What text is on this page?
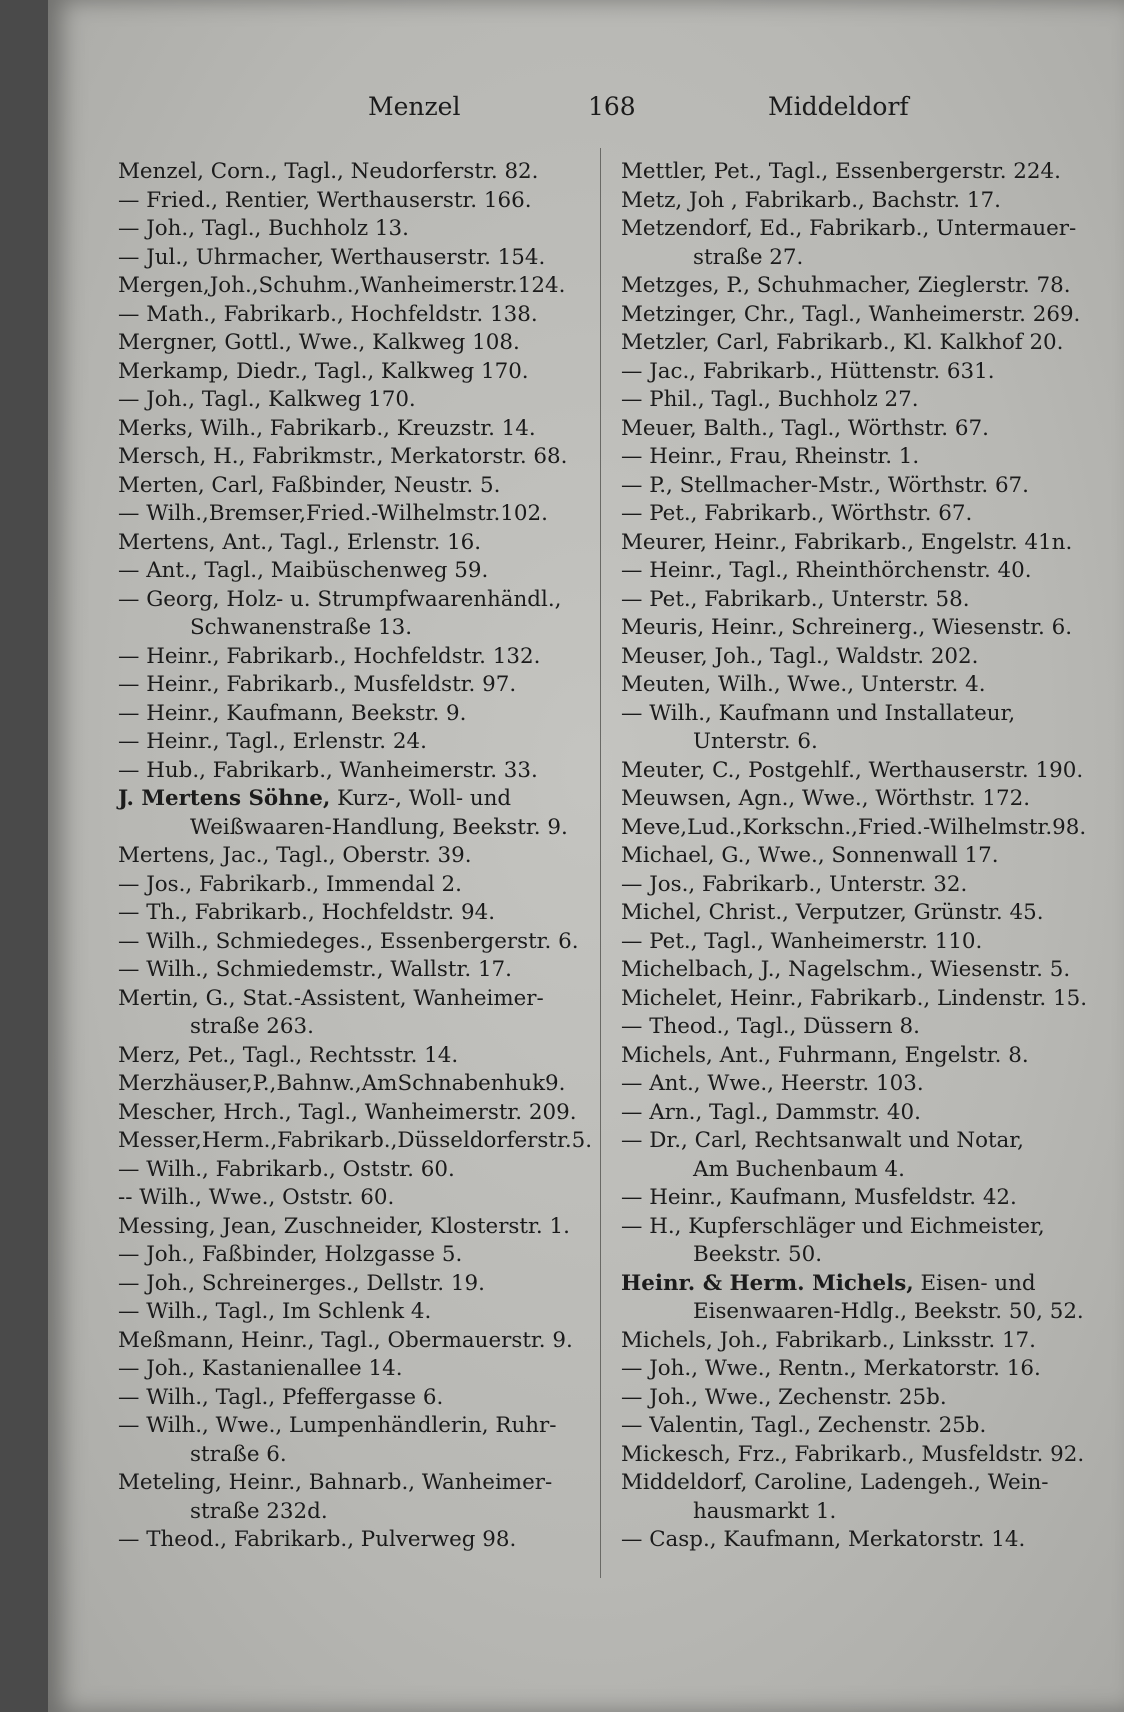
Menzel	168	Middeldorf
Menzel, Corn., Tagl., Neudorferstr. 82.
— Fried., Rentier, Werthauserstr. 166.
— Joh., Tagl., Buchholz 13.
— Jul., Uhrmacher, Werthauserstr. 154.
Mergen,Joh.,Schuhm.,Wanheimerstr.124.
— Math., Fabrikarb., Hochfeldstr. 138.
Mergner, Gottl., Wwe., Kalkweg 108.
Merkamp, Diedr., Tagl., Kalkweg 170.
— Joh., Tagl., Kalkweg 170.
Merks, Wilh., Fabrikarb., Kreuzstr. 14.
Mersch, H., Fabrikmstr., Merkatorstr. 68.
Merten, Carl, Faßbinder, Neustr. 5.
— Wilh.,Bremser,Fried.-Wilhelmstr.102.
Mertens, Ant., Tagl., Erlenstr. 16.
— Ant., Tagl., Maibüschenweg 59.
— Georg, Holz- u. Strumpfwaarenhändl.,
Schwanenstraße 13.
— Heinr., Fabrikarb., Hochfeldstr. 132.
— Heinr., Fabrikarb., Musfeldstr. 97.
— Heinr., Kaufmann, Beekstr. 9.
— Heinr., Tagl., Erlenstr. 24.
— Hub., Fabrikarb., Wanheimerstr. 33.
J. Mertens Söhne, Kurz-, Woll- und
Weißwaaren-Handlung, Beekstr. 9.
Mertens, Jac., Tagl., Oberstr. 39.
— Jos., Fabrikarb., Immendal 2.
— Th., Fabrikarb., Hochfeldstr. 94.
— Wilh., Schmiedeges., Essenbergerstr. 6.
— Wilh., Schmiedemstr., Wallstr. 17.
Mertin, G., Stat.-Assistent, Wanheimer-
straße 263.
Merz, Pet., Tagl., Rechtsstr. 14.
Merzhäuser,P.,Bahnw.,AmSchnabenhuk9.
Mescher, Hrch., Tagl., Wanheimerstr. 209.
Messer,Herm.,Fabrikarb.,Düsseldorferstr.5.
— Wilh., Fabrikarb., Oststr. 60.
-- Wilh., Wwe., Oststr. 60.
Messing, Jean, Zuschneider, Klosterstr. 1.
— Joh., Faßbinder, Holzgasse 5.
— Joh., Schreinerges., Dellstr. 19.
— Wilh., Tagl., Im Schlenk 4.
Meßmann, Heinr., Tagl., Obermauerstr. 9.
— Joh., Kastanienallee 14.
— Wilh., Tagl., Pfeffergasse 6.
— Wilh., Wwe., Lumpenhändlerin, Ruhr-
straße 6.
Meteling, Heinr., Bahnarb., Wanheimer-
straße 232d.
— Theod., Fabrikarb., Pulverweg 98.
Mettler, Pet., Tagl., Essenbergerstr. 224.
Metz, Joh , Fabrikarb., Bachstr. 17.
Metzendorf, Ed., Fabrikarb., Untermauer-
straße 27.
Metzges, P., Schuhmacher, Zieglerstr. 78.
Metzinger, Chr., Tagl., Wanheimerstr. 269.
Metzler, Carl, Fabrikarb., Kl. Kalkhof 20.
— Jac., Fabrikarb., Hüttenstr. 631.
— Phil., Tagl., Buchholz 27.
Meuer, Balth., Tagl., Wörthstr. 67.
— Heinr., Frau, Rheinstr. 1.
— P., Stellmacher-Mstr., Wörthstr. 67.
— Pet., Fabrikarb., Wörthstr. 67.
Meurer, Heinr., Fabrikarb., Engelstr. 41n.
— Heinr., Tagl., Rheinthörchenstr. 40.
— Pet., Fabrikarb., Unterstr. 58.
Meuris, Heinr., Schreinerg., Wiesenstr. 6.
Meuser, Joh., Tagl., Waldstr. 202.
Meuten, Wilh., Wwe., Unterstr. 4.
— Wilh., Kaufmann und Installateur,
Unterstr. 6.
Meuter, C., Postgehlf., Werthauserstr. 190.
Meuwsen, Agn., Wwe., Wörthstr. 172.
Meve,Lud.,Korkschn.,Fried.-Wilhelmstr.98.
Michael, G., Wwe., Sonnenwall 17.
— Jos., Fabrikarb., Unterstr. 32.
Michel, Christ., Verputzer, Grünstr. 45.
— Pet., Tagl., Wanheimerstr. 110.
Michelbach, J., Nagelschm., Wiesenstr. 5.
Michelet, Heinr., Fabrikarb., Lindenstr. 15.
— Theod., Tagl., Düssern 8.
Michels, Ant., Fuhrmann, Engelstr. 8.
— Ant., Wwe., Heerstr. 103.
— Arn., Tagl., Dammstr. 40.
— Dr., Carl, Rechtsanwalt und Notar,
Am Buchenbaum 4.
— Heinr., Kaufmann, Musfeldstr. 42.
— H., Kupferschläger und Eichmeister,
Beekstr. 50.
Heinr. & Herm. Michels, Eisen- und
Eisenwaaren-Hdlg., Beekstr. 50, 52.
Michels, Joh., Fabrikarb., Linksstr. 17.
— Joh., Wwe., Rentn., Merkatorstr. 16.
— Joh., Wwe., Zechenstr. 25b.
— Valentin, Tagl., Zechenstr. 25b.
Mickesch, Frz., Fabrikarb., Musfeldstr. 92.
Middeldorf, Caroline, Ladengeh., Wein-
hausmarkt 1.
— Casp., Kaufmann, Merkatorstr. 14.
